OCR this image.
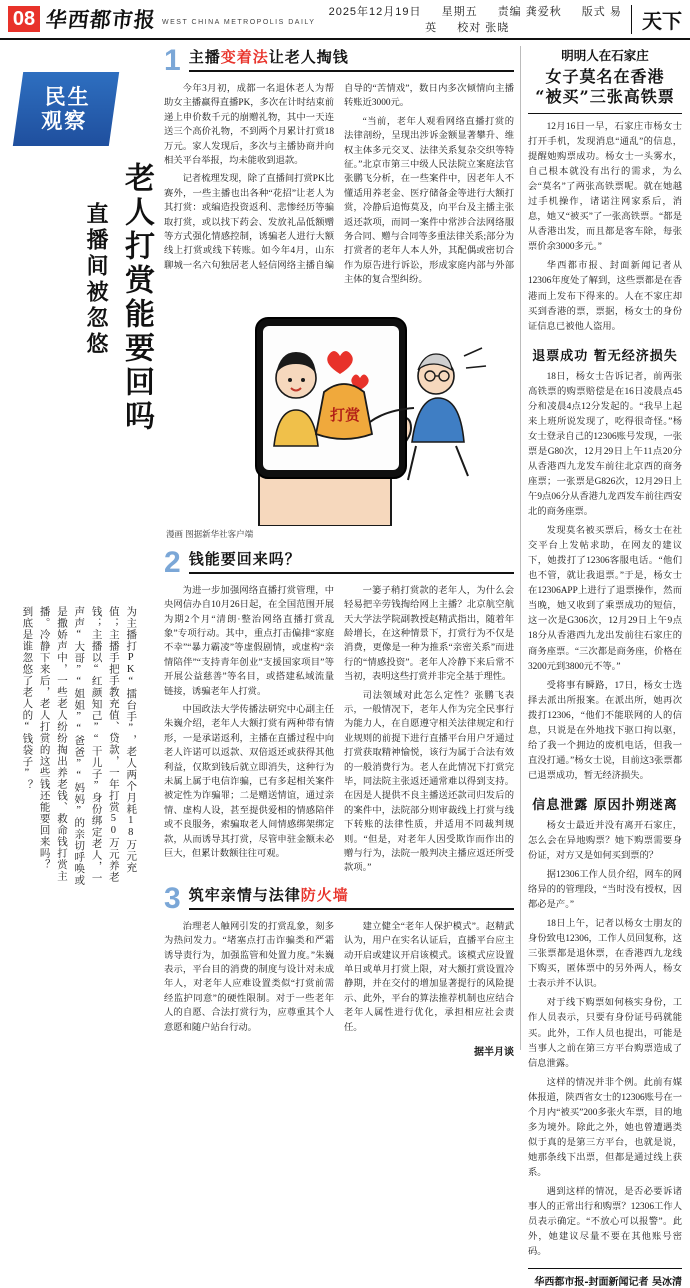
08 华西都市报 WEST CHINA METROPOLIS DAILY
2025年12月19日 星期五 责编 龚爱秋 版式 易英 校对 张晓	天下
民生
观察
老人打赏能要回吗
直播间被忽悠
为主播打PK“擂台手”，老人两个月耗18万元充值；主播手把手教充值、贷款，一年打赏50万元养老钱；主播以“红颜知己”“干儿子”身份绑定老人，一声声“大哥”“姐姐”“爸爸”“妈妈”的亲切呼唤或是撒娇声中，一些老人纷纷掏出养老钱、救命钱打赏主播。冷静下来后，老人打赏的这些钱还能要回来吗？ 到底是谁忽悠了老人的“钱袋子”？
1 主播变着法让老人掏钱

今年3月初，成都一名退休老人为帮助女主播赢得直播PK，多次在计时结束前递上申价数千元的崩赠礼物，其中一天连送三个高价礼物，不到两个月累计打赏18万元。家人发现后，多次与主播协商并向相关平台举报，均未能收到退款。

记者梳理发现，除了直播间打赏PK比赛外，一些主播也出各种“花招”让老人为其打赏：或编造投资返利、悲惨经历等骗取打赏，或以找下药会、发放礼品低额赠等方式强化情感控制，诱骗老人进行大额线上打赏或线下转账。如今年4月，山东聊城一名六旬独居老人轻信网络主播自编自导的“苦情戏”，数日内多次倾情向主播转账近3000元。

“当前，老年人观看网络直播打赏的法律剖纷，呈现出涉诉金额显著攀升、维权主体多元交叉、法律关系复杂交织等特征。”北京市第三中级人民法院立案庭法官张鹏飞分析，在一些案件中，因老年人不懂适用养老金、医疗储备金等进行大额打赏，冷静后追悔莫及，向平台及主播主张返还款项，而同一案件中常涉合法网络服务合同、赠与合同等多重法律关系;部分为打赏者的老年人本人外，其配偶或密切合作为原告进行诉讼，形成家庭内部与外部主体的复合型纠纷。

打赏
漫画 图据新华社客户端
2 钱能要回来吗？

为进一步加强网络直播打赏管理，中央网信办自10月26日起，在全国范围开展为期2个月“清朗·整治网络直播打赏乱象”专项行动。其中，重点打击偏排“家庭不幸”“暴力霸凌”等虚假剧情，或虚构“亲情陪伴”“支持青年创业”支援国家项目”等开展公益慈善”等名目，或搭建私域流量链接，诱骗老年人打赏。

中国政法大学传播法研究中心副主任朱巍介绍，老年人大额打赏有两种带有情形，一是承诺返利，主播在直播过程中向老人许诺可以返款、双倍返还或获得其他利益，仅欺到钱后就立即消失，这种行为未属上属于电信诈骗，已有多起相关案件被定性为诈骗罪；二是赠送情谊，通过亲情、虚构人设，甚至提供爱相的情感陪伴或不良服务，索骗取老人间情感绑架绑定款，从而诱导其打赏，尽管申驻金额未必巨大，但累计数额往往可观。

一篓子稍打赏款的老年人，为什么会轻易把辛劳钱掏给网上主播？北京航空航天大学法学院副教授赵精武指出，随着年龄增长，在这种情景下，打赏行为不仅是消费，更像是一种为推系“亲密关系”而进行的“情感投资”。老年人冷静下来后常不当初，表明这些打赏并非完全基于理性。

司法领域对此怎么定性？张鹏飞表示，一般情况下，老年人作为完全民事行为能力人，在自愿遵守相关法律规定和行业规则的前提下进行直播平台用户牙通过打赏获取精神愉悦，该行为属于合法有效的一般消费行为。老人在此情况下打赏完毕，同法院主张返还通常难以得到支持。在因是人提供不良主播送还款司归发后的的案件中，法院部分则审裁线上打赏与线下转账的法律性质，并适用不同裁判规则。“但是，对老年人因受欺诈而作出的赠与行为，法院一般判决主播应返还所受款项。”

3 筑牢亲情与法律防火墙

治理老人触网引发的打赏乱象，刻多为热问发力。“堵塞点打击诈骗类和严霜诱导责行为，加强监管和处置力度。”朱巍表示，平台目的消费的制度与设计对未成年人，对老年人应难设置类似“打赏前需经监护同意”的硬性限制。对于一些老年人的自愿、合法打赏行为，应尊重其个人意愿和随户站台行动。

建立健全“老年人保护模式”。赵精武认为，用户在实名认证后，直播平台应主动开启或建议开启该模式。该模式应设置单日或单月打赏上限，对大额打赏设置冷静期，并在交付的增加显著提行的风险提示、此外，平台的算法推荐机制也应结合老年人属性进行优化，承担相应社会责任。

据半月谈
明明人在石家庄
女子莫名在香港
“被买”三张高铁票

12月16日一早，石家庄市杨女士打开手机，发现消息“通乱”的信息，提醒她购票成功。杨女士一头雾水，自己根本就没有出行的需求，为么会“莫名”了两张高铁票呢。就在她越过手机操作，诸诺注网家系后，消息，她又“被买”了一张高铁票。“都是从香港出发，而且都是客车除，每张票价余3000多元。”

华西都市报、封面新闻记者从12306年度处了解到，这些票都是在香港而上发布下得来的。人在不家庄却买到香港的票，票据，杨女士的身份证信息已被他人盗用。

退票成功 暂无经济损失

18日，杨女士告诉记者，前两张高铁票的购票赔偿是在16日凌晨点45分和凌晨4点12分发起的。“我早上起来上班所说发现了，吃得很奇怪。”杨女士登录自己的12306账号发现，一张票是G80次，12月29日上午11点20分从香港西九龙发车前往北京西的商务座票；一张票是G826次，12月29日上午9点06分从香港九龙西发车前往西安北的商务座票。

发现莫名被买票后，杨女士在社交平台上发帖求助，在网友的建议下，她拨打了12306客服电话。“他们也不管，就让我退票。”于是，杨女士在12306APP上进行了退票操作，然而当晚，她又收到了乘票成功的短信，这一次是G306次，12月29日上午9点18分从香港西九龙出发前往石家庄的商务座票。“三次都是商务座，价格在3200元到3800元不等。”

受将事有瞬路，17日，杨女士选择去派出所报案。在派出所，她再次拨打12306，“他们不能联网的人的信息，只说是在外地找下驱口拘以驱，给了我一个拥边的废机电话，但我一直没打通。”杨女士说，目前这3张票都已退票成功，暂无经济损失。

信息泄露 原因扑朔迷离

杨女士最近并没有离开石家庄，怎么会在异地购票？她下购票需要身份证，对方又是如何买到票的？

据12306工作人员介绍，网车的网络异的的管理段，“当时没有授权，因都必是产。”

18日上午，记者以杨女士朋友的身份致电12306，工作人员回复称，这三张票都是退休票，在香港西九龙线下购买，匿体票中的另外两人，杨女士表示并不认识。

对于线下购票如何核实身份，工作人员表示，只要有身份证号码就能买。此外，工作人员也提出，可能是当事人之前在第三方平台购票造成了信息泄露。

这样的情况并非个例。此前有媒体报道，陕西省女士的12306账号在一个月内“被买”200多张火车票，目的地多为境外。除此之外，她也曾遭遇类似于真的是第三方平台，也就是说，她那条线下出票，但都是通过线上获系。

遇到这样的情况，是否必要诉诸事人的正常出行和购票？12306工作人员表示确定。“不放心可以报警”。此外，她建议尽量不要在其他账号密码。

华西都市报-封面新闻记者 吴冰清
